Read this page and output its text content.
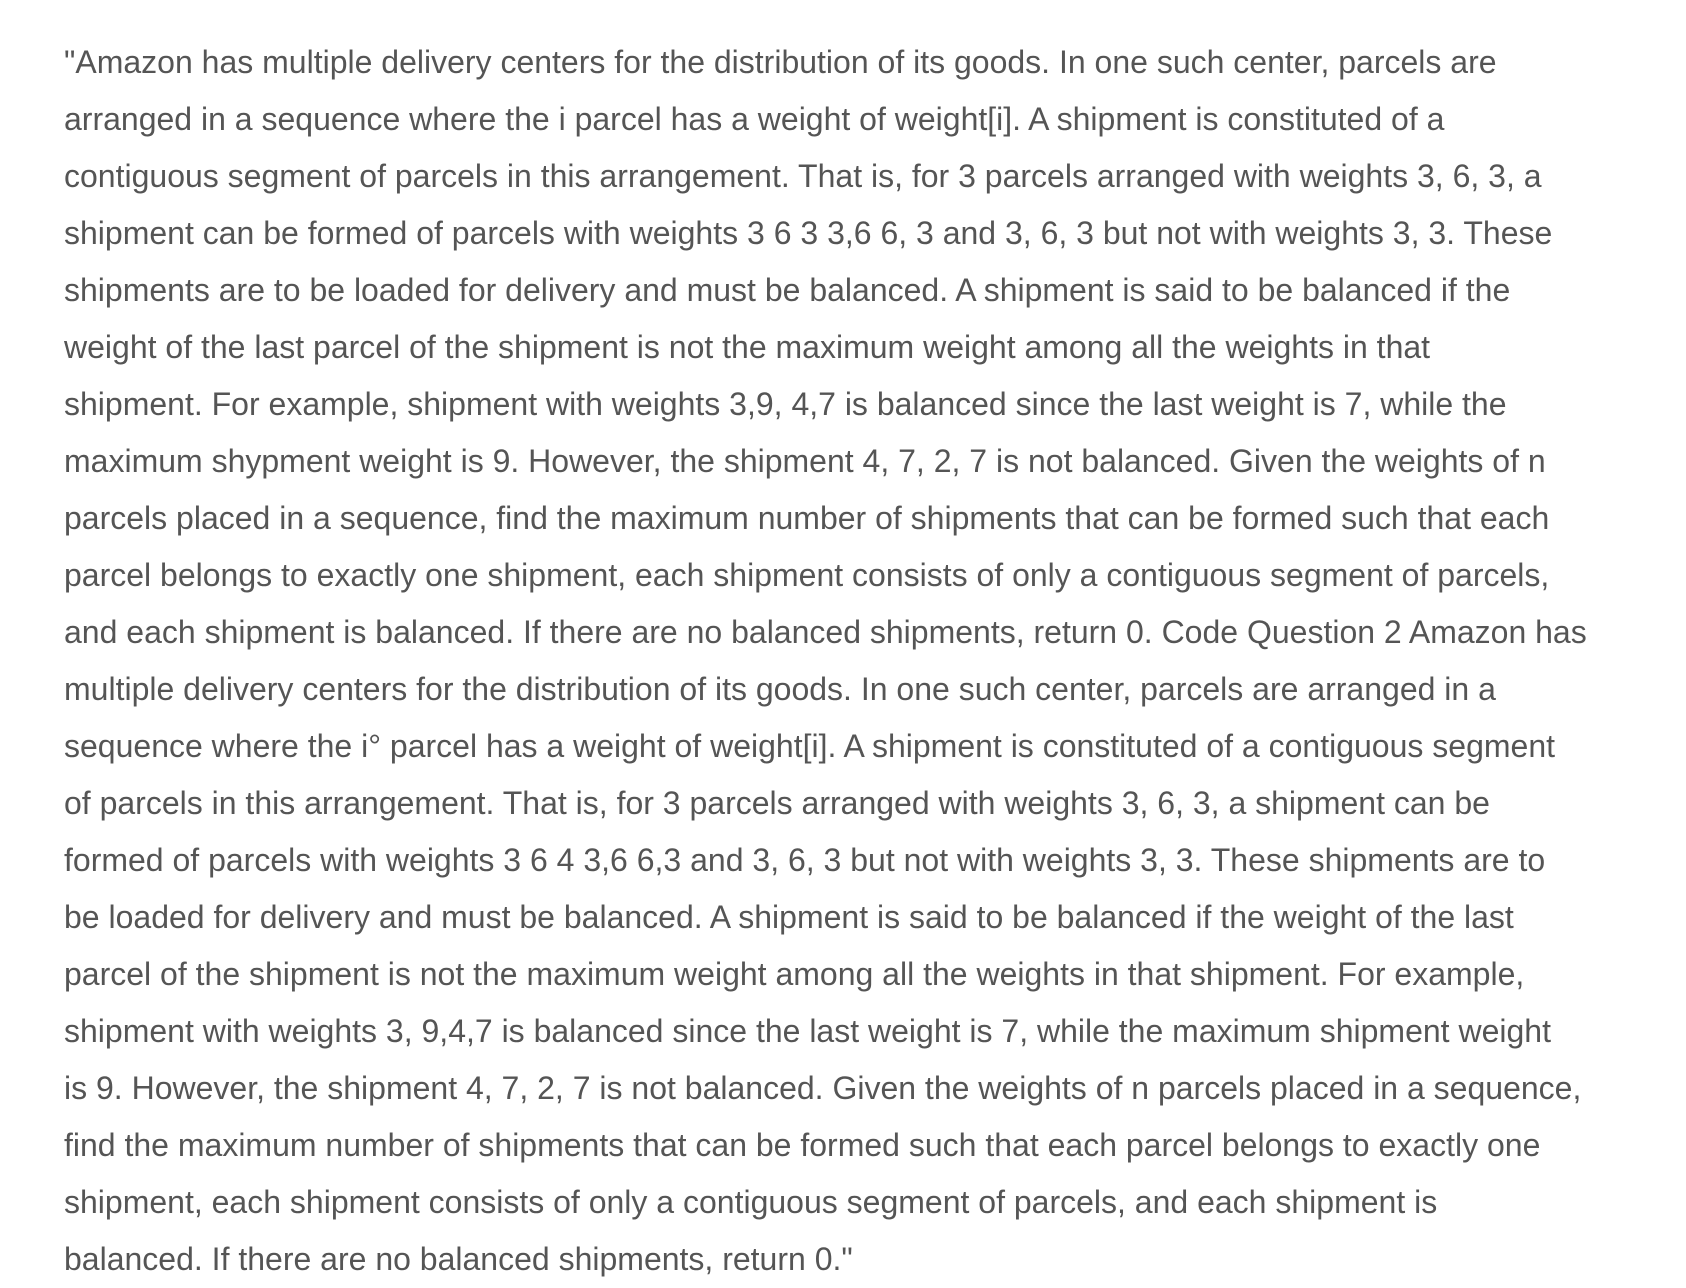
"Amazon has multiple delivery centers for the distribution of its goods. In one such center, parcels are
arranged in a sequence where the i parcel has a weight of weight[i]. A shipment is constituted of a
contiguous segment of parcels in this arrangement. That is, for 3 parcels arranged with weights 3, 6, 3, a
shipment can be formed of parcels with weights 3 6 3 3,6 6, 3 and 3, 6, 3 but not with weights 3, 3. These
shipments are to be loaded for delivery and must be balanced. A shipment is said to be balanced if the
weight of the last parcel of the shipment is not the maximum weight among all the weights in that
shipment. For example, shipment with weights 3,9, 4,7 is balanced since the last weight is 7, while the
maximum shypment weight is 9. However, the shipment 4, 7, 2, 7 is not balanced. Given the weights of n
parcels placed in a sequence, find the maximum number of shipments that can be formed such that each
parcel belongs to exactly one shipment, each shipment consists of only a contiguous segment of parcels,
and each shipment is balanced. If there are no balanced shipments, return 0. Code Question 2 Amazon has
multiple delivery centers for the distribution of its goods. In one such center, parcels are arranged in a
sequence where the i° parcel has a weight of weight[i]. A shipment is constituted of a contiguous segment
of parcels in this arrangement. That is, for 3 parcels arranged with weights 3, 6, 3, a shipment can be
formed of parcels with weights 3 6 4 3,6 6,3 and 3, 6, 3 but not with weights 3, 3. These shipments are to
be loaded for delivery and must be balanced. A shipment is said to be balanced if the weight of the last
parcel of the shipment is not the maximum weight among all the weights in that shipment. For example,
shipment with weights 3, 9,4,7 is balanced since the last weight is 7, while the maximum shipment weight
is 9. However, the shipment 4, 7, 2, 7 is not balanced. Given the weights of n parcels placed in a sequence,
find the maximum number of shipments that can be formed such that each parcel belongs to exactly one
shipment, each shipment consists of only a contiguous segment of parcels, and each shipment is
balanced. If there are no balanced shipments, return 0."
